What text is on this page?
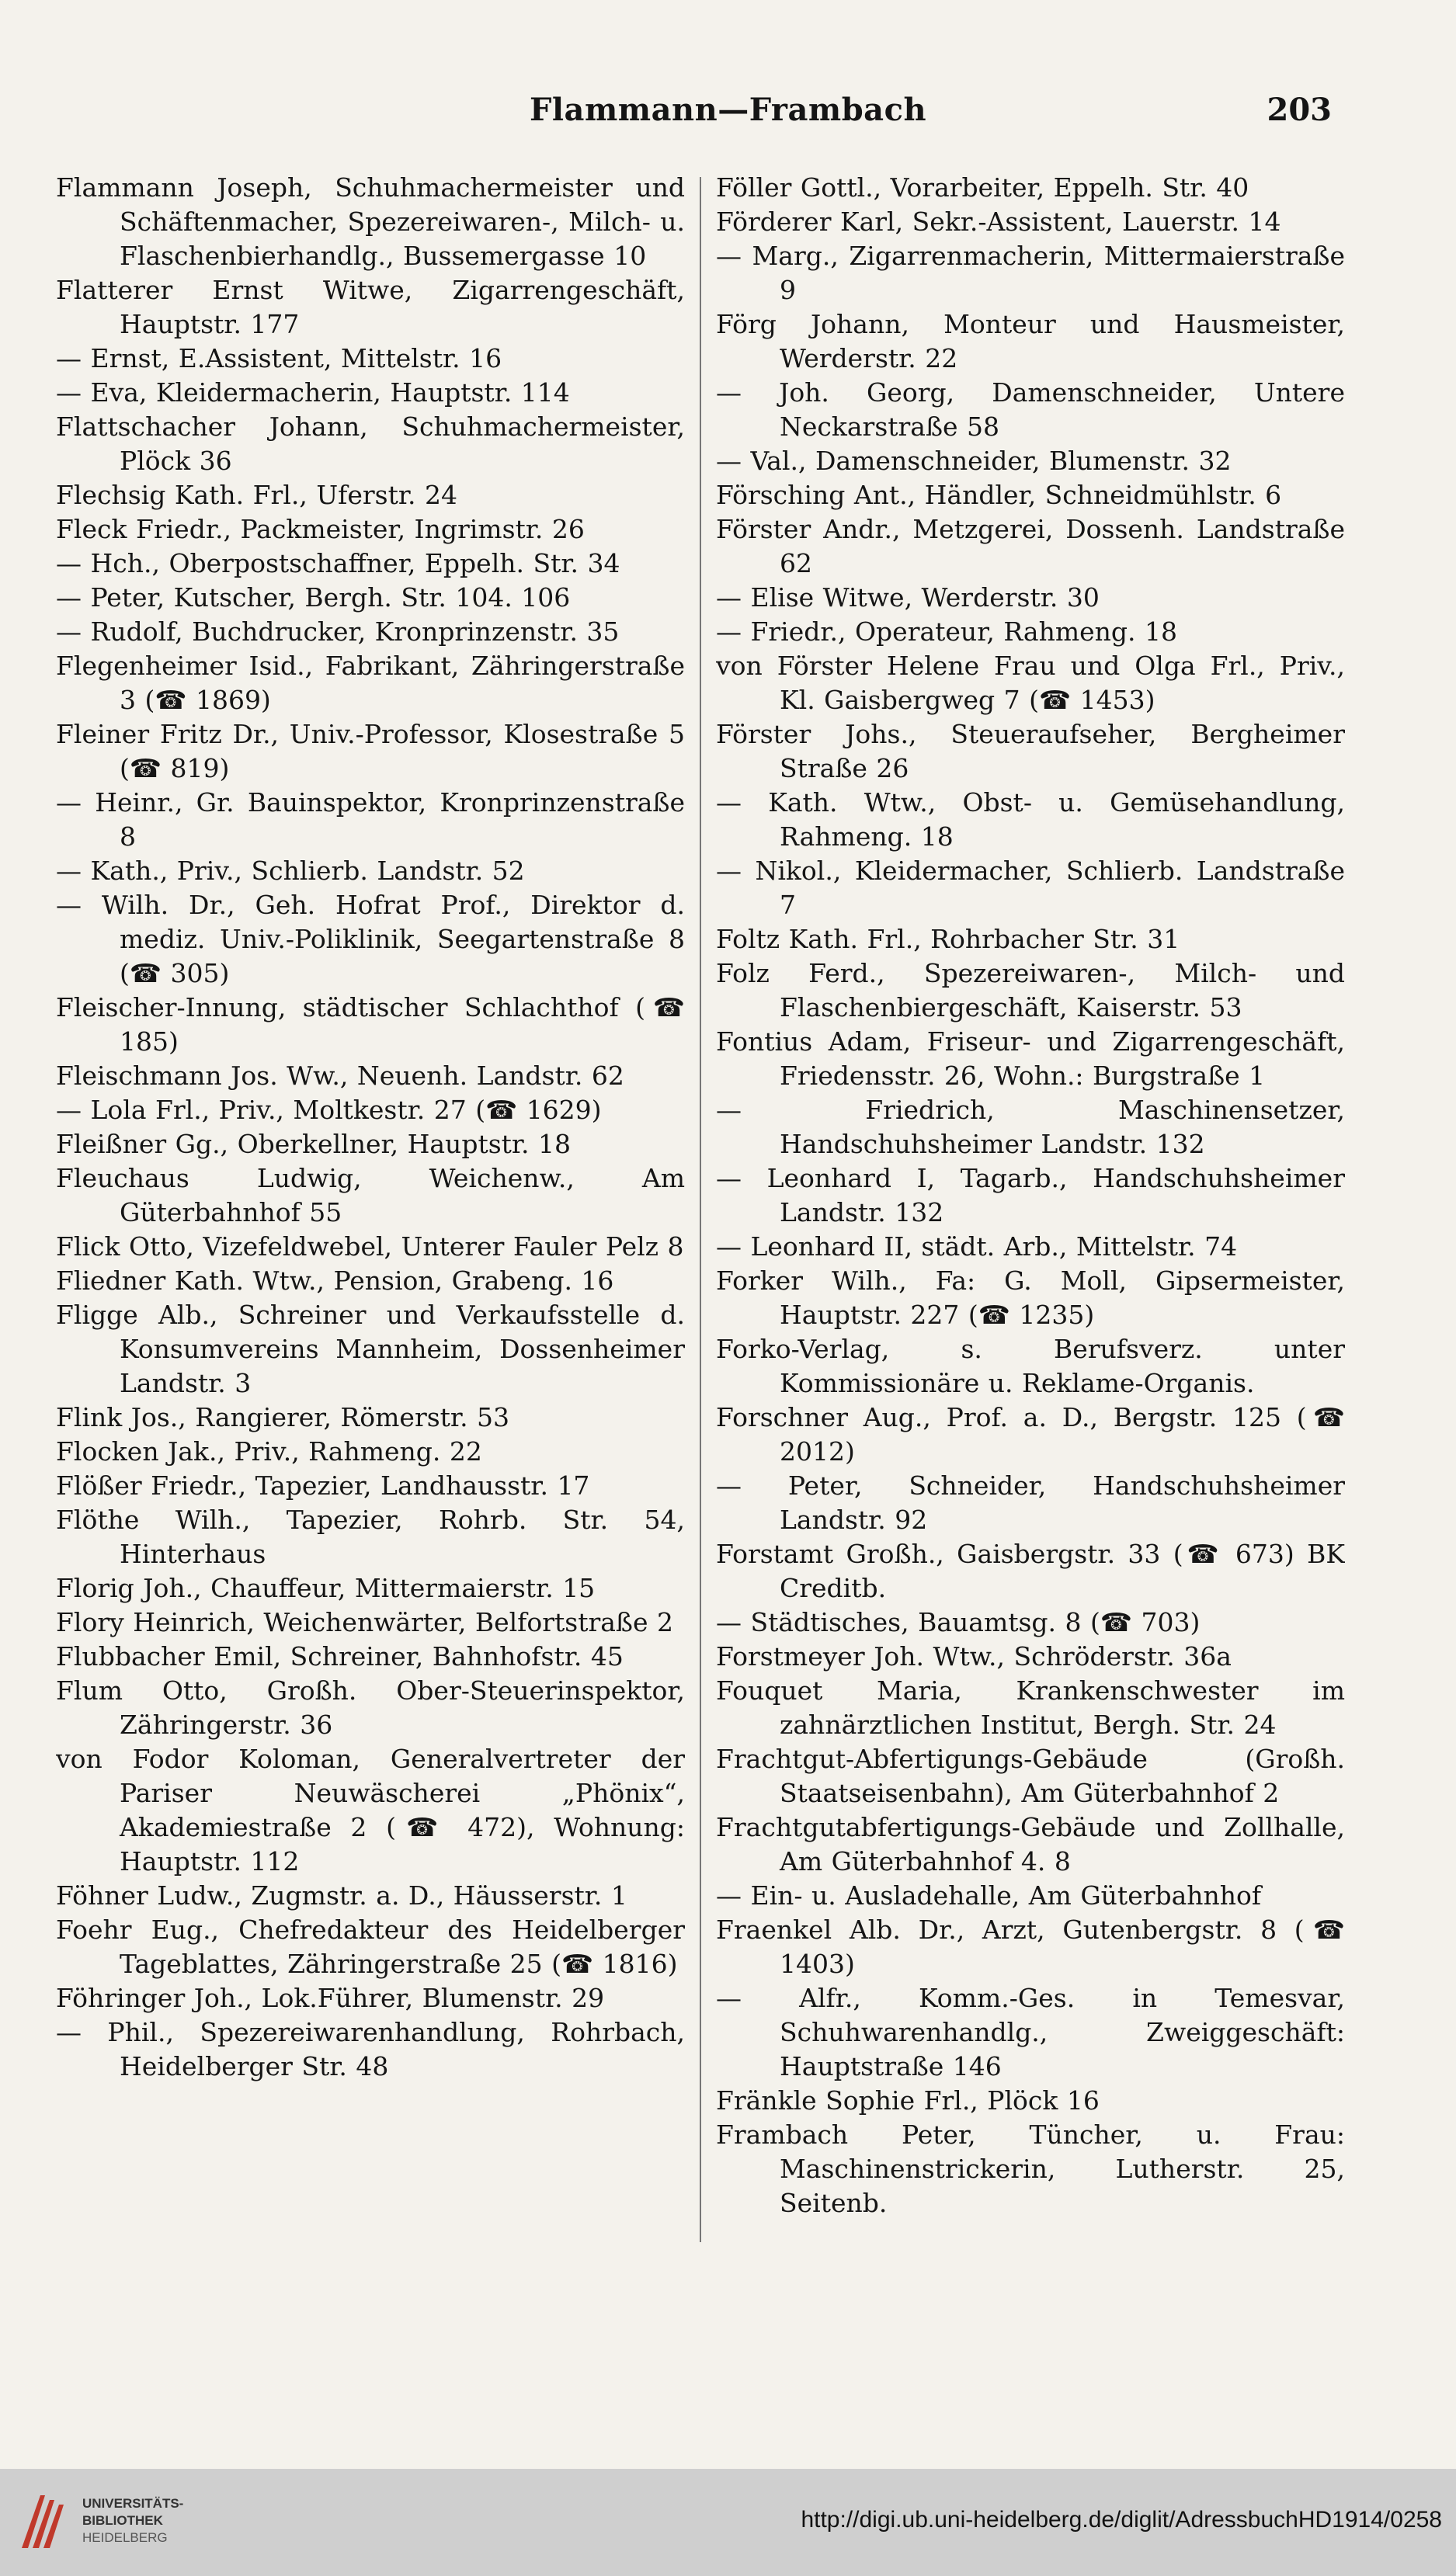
Flammann—Frambach	203

Flammann Joseph, Schuhmachermeister und Schäftenmacher, Spezereiwaren-, Milch- u. Flaschenbierhandlg., Bussemergasse 10

Flatterer Ernst Witwe, Zigarrengeschäft, Hauptstr. 177

— Ernst, E.Assistent, Mittelstr. 16

— Eva, Kleidermacherin, Hauptstr. 114

Flattschacher Johann, Schuhmachermeister, Plöck 36

Flechsig Kath. Frl., Uferstr. 24

Fleck Friedr., Packmeister, Ingrimstr. 26

— Hch., Oberpostschaffner, Eppelh. Str. 34

— Peter, Kutscher, Bergh. Str. 104. 106

— Rudolf, Buchdrucker, Kronprinzenstr. 35

Flegenheimer Isid., Fabrikant, Zähringerstraße 3 (☎ 1869)

Fleiner Fritz Dr., Univ.-Professor, Klosestraße 5 (☎ 819)

— Heinr., Gr. Bauinspektor, Kronprinzenstraße 8

— Kath., Priv., Schlierb. Landstr. 52

— Wilh. Dr., Geh. Hofrat Prof., Direktor d. mediz. Univ.-Poliklinik, Seegartenstraße 8 (☎ 305)

Fleischer-Innung, städtischer Schlachthof (☎ 185)

Fleischmann Jos. Ww., Neuenh. Landstr. 62

— Lola Frl., Priv., Moltkestr. 27 (☎ 1629)

Fleißner Gg., Oberkellner, Hauptstr. 18

Fleuchaus Ludwig, Weichenw., Am Güterbahnhof 55

Flick Otto, Vizefeldwebel, Unterer Fauler Pelz 8

Fliedner Kath. Wtw., Pension, Grabeng. 16

Fligge Alb., Schreiner und Verkaufsstelle d. Konsumvereins Mannheim, Dossenheimer Landstr. 3

Flink Jos., Rangierer, Römerstr. 53

Flocken Jak., Priv., Rahmeng. 22

Flößer Friedr., Tapezier, Landhausstr. 17

Flöthe Wilh., Tapezier, Rohrb. Str. 54, Hinterhaus

Florig Joh., Chauffeur, Mittermaierstr. 15

Flory Heinrich, Weichenwärter, Belfortstraße 2

Flubbacher Emil, Schreiner, Bahnhofstr. 45

Flum Otto, Großh. Ober-Steuerinspektor, Zähringerstr. 36

von Fodor Koloman, Generalvertreter der Pariser Neuwäscherei „Phönix“, Akademiestraße 2 (☎ 472), Wohnung: Hauptstr. 112

Föhner Ludw., Zugmstr. a. D., Häusserstr. 1

Foehr Eug., Chefredakteur des Heidelberger Tageblattes, Zähringerstraße 25 (☎ 1816)

Föhringer Joh., Lok.Führer, Blumenstr. 29

— Phil., Spezereiwarenhandlung, Rohrbach, Heidelberger Str. 48

Föller Gottl., Vorarbeiter, Eppelh. Str. 40

Förderer Karl, Sekr.-Assistent, Lauerstr. 14

— Marg., Zigarrenmacherin, Mittermaierstraße 9

Förg Johann, Monteur und Hausmeister, Werderstr. 22

— Joh. Georg, Damenschneider, Untere Neckarstraße 58

— Val., Damenschneider, Blumenstr. 32

Försching Ant., Händler, Schneidmühlstr. 6

Förster Andr., Metzgerei, Dossenh. Landstraße 62

— Elise Witwe, Werderstr. 30

— Friedr., Operateur, Rahmeng. 18

von Förster Helene Frau und Olga Frl., Priv., Kl. Gaisbergweg 7 (☎ 1453)

Förster Johs., Steueraufseher, Bergheimer Straße 26

— Kath. Wtw., Obst- u. Gemüsehandlung, Rahmeng. 18

— Nikol., Kleidermacher, Schlierb. Landstraße 7

Foltz Kath. Frl., Rohrbacher Str. 31

Folz Ferd., Spezereiwaren-, Milch- und Flaschenbiergeschäft, Kaiserstr. 53

Fontius Adam, Friseur- und Zigarrengeschäft, Friedensstr. 26, Wohn.: Burgstraße 1

— Friedrich, Maschinensetzer, Handschuhsheimer Landstr. 132

— Leonhard I, Tagarb., Handschuhsheimer Landstr. 132

— Leonhard II, städt. Arb., Mittelstr. 74

Forker Wilh., Fa: G. Moll, Gipsermeister, Hauptstr. 227 (☎ 1235)

Forko-Verlag, s. Berufsverz. unter Kommissionäre u. Reklame-Organis.

Forschner Aug., Prof. a. D., Bergstr. 125 (☎ 2012)

— Peter, Schneider, Handschuhsheimer Landstr. 92

Forstamt Großh., Gaisbergstr. 33 (☎ 673) BK Creditb.

— Städtisches, Bauamtsg. 8 (☎ 703)

Forstmeyer Joh. Wtw., Schröderstr. 36a

Fouquet Maria, Krankenschwester im zahnärztlichen Institut, Bergh. Str. 24

Frachtgut-Abfertigungs-Gebäude (Großh. Staatseisenbahn), Am Güterbahnhof 2

Frachtgutabfertigungs-Gebäude und Zollhalle, Am Güterbahnhof 4. 8

— Ein- u. Ausladehalle, Am Güterbahnhof

Fraenkel Alb. Dr., Arzt, Gutenbergstr. 8 (☎ 1403)

— Alfr., Komm.-Ges. in Temesvar, Schuhwarenhandlg., Zweiggeschäft: Hauptstraße 146

Fränkle Sophie Frl., Plöck 16

Frambach Peter, Tüncher, u. Frau: Maschinenstrickerin, Lutherstr. 25, Seitenb.

UNIVERSITÄTS-
BIBLIOTHEK
HEIDELBERG
http://digi.ub.uni-heidelberg.de/diglit/AdressbuchHD1914/0258
